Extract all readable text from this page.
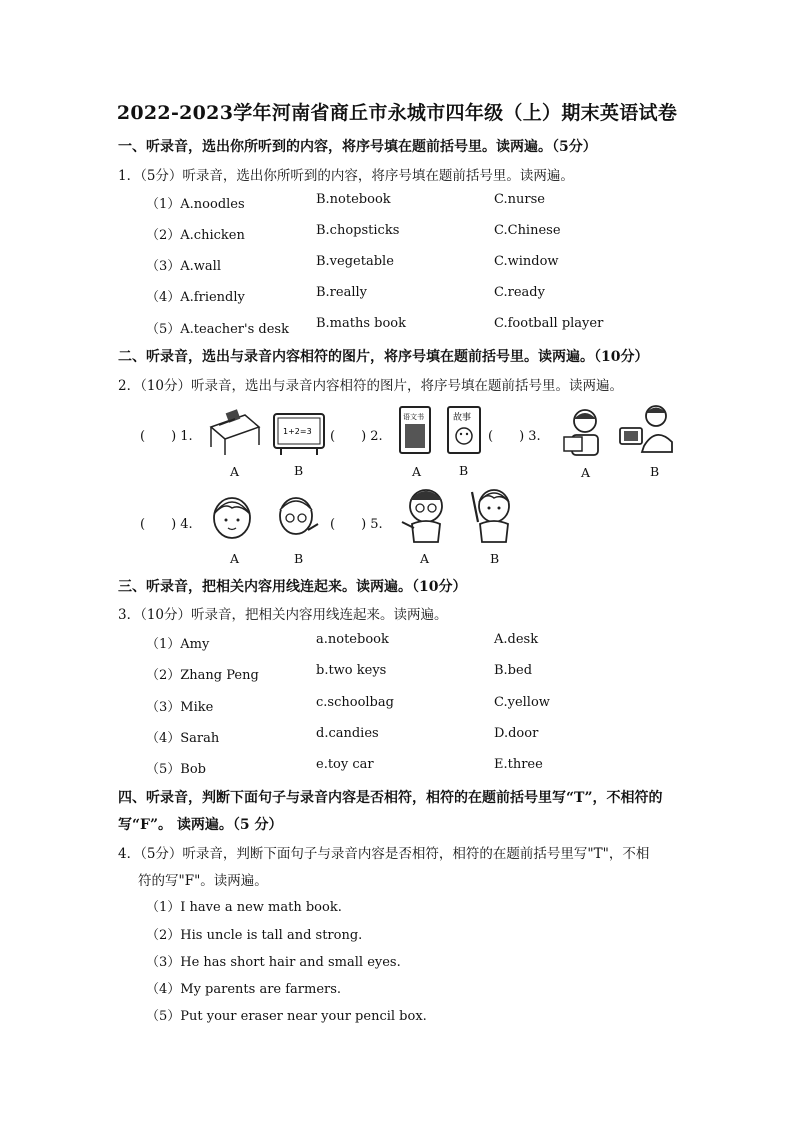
2022-2023学年河南省商丘市永城市四年级（上）期末英语试卷
一、听录音，选出你所听到的内容，将序号填在题前括号里。读两遍。（5分）
1．（5分）听录音，选出你所听到的内容，将序号填在题前括号里。读两遍。
（1）A.noodles	B.notebook	C.nurse
（2）A.chicken	B.chopsticks	C.Chinese
（3）A.wall	B.vegetable	C.window
（4）A.friendly	B.really	C.ready
（5）A.teacher's desk B.maths book	C.football player
二、听录音，选出与录音内容相符的图片，将序号填在题前括号里。读两遍。（10分）
2．（10分）听录音，选出与录音内容相符的图片，将序号填在题前括号里。读两遍。
(　　) 1.	1+2=3
A	B
(　　) 2.
语文书	故事
A	B
(　　) 3.
A	B
(　　) 4.
A	B
(　　) 5.
A	B
三、听录音，把相关内容用线连起来。读两遍。（10分）
3．（10分）听录音，把相关内容用线连起来。读两遍。
（1）Amy	a.notebook	A.desk
（2）Zhang Peng	b.two keys	B.bed
（3）Mike	c.schoolbag	C.yellow
（4）Sarah	d.candies	D.door
（5）Bob	e.toy car	E.three
四、听录音，判断下面句子与录音内容是否相符，相符的在题前括号里写“T”，不相符的
写“F”。 读两遍。（5 分）
4．（5分）听录音，判断下面句子与录音内容是否相符，相符的在题前括号里写"T"，不相
符的写"F"。读两遍。
（1）I have a new math book.
（2）His uncle is tall and strong.
（3）He has short hair and small eyes.
（4）My parents are farmers.
（5）Put your eraser near your pencil box.
